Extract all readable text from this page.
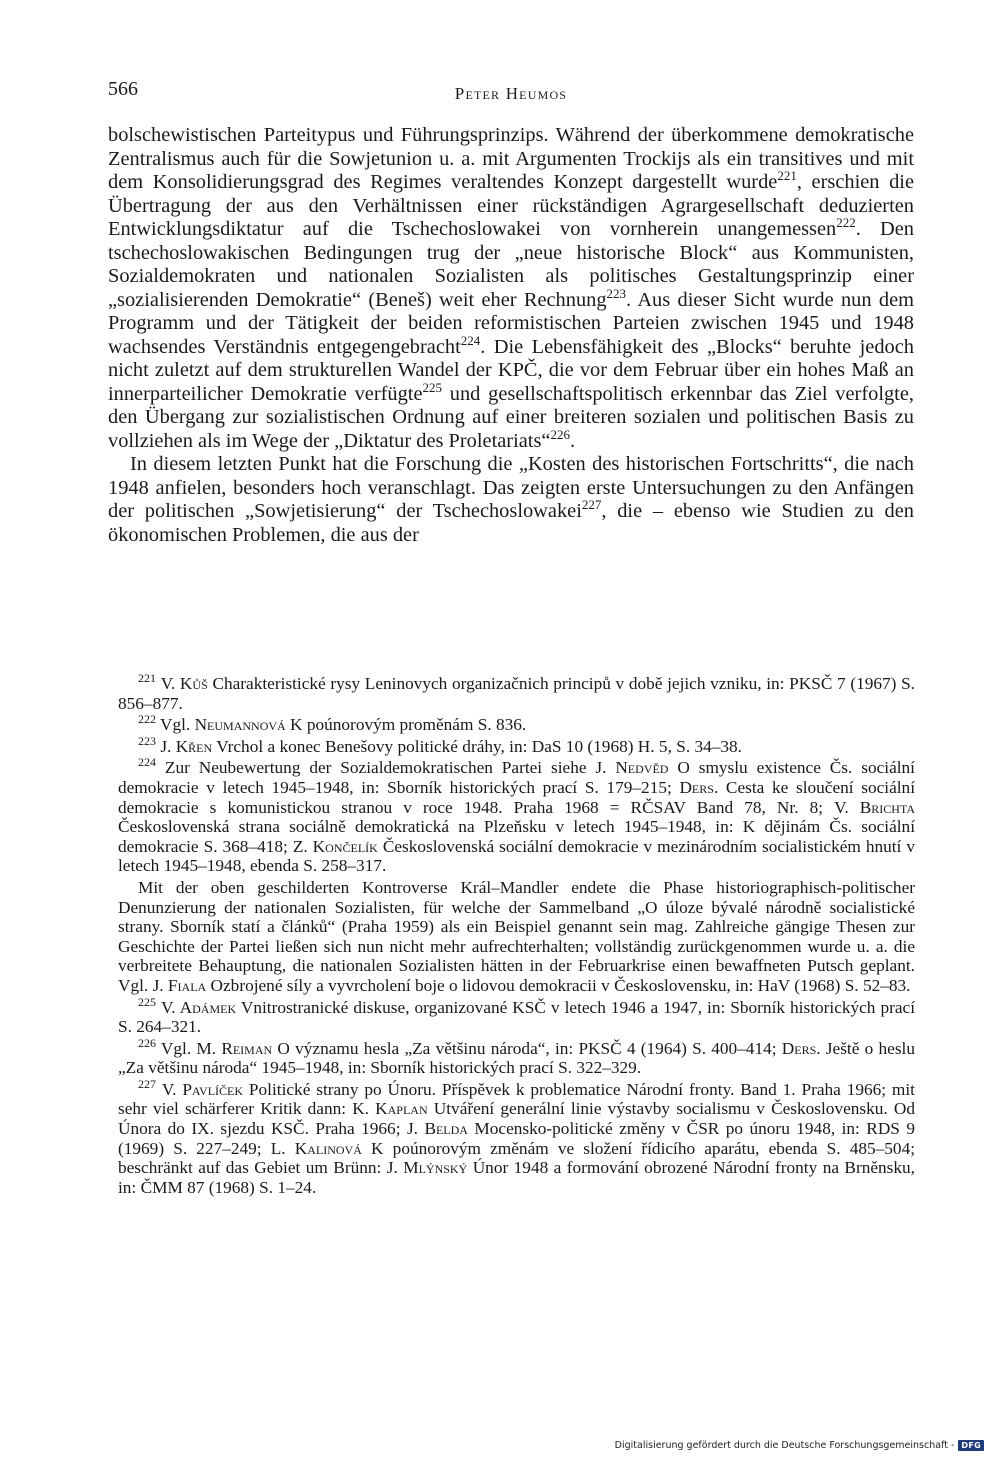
566	Peter Heumos

bolschewistischen Parteitypus und Führungsprinzips. Während der überkommene demokratische Zentralismus auch für die Sowjetunion u. a. mit Argumenten Trockijs als ein transitives und mit dem Konsolidierungsgrad des Regimes veraltendes Konzept dargestellt wurde$^{221}$, erschien die Übertragung der aus den Verhältnissen einer rückständigen Agrargesellschaft deduzierten Entwicklungsdiktatur auf die Tschechoslowakei von vornherein unangemessen$^{222}$. Den tschechoslowakischen Bedingungen trug der „neue historische Block“ aus Kommunisten, Sozialdemokraten und nationalen Sozialisten als politisches Gestaltungsprinzip einer „sozialisierenden Demokratie“ (Beneš) weit eher Rechnung$^{223}$. Aus dieser Sicht wurde nun dem Programm und der Tätigkeit der beiden reformistischen Parteien zwischen 1945 und 1948 wachsendes Verständnis entgegengebracht$^{224}$. Die Lebensfähigkeit des „Blocks“ beruhte jedoch nicht zuletzt auf dem strukturellen Wandel der KPČ, die vor dem Februar über ein hohes Maß an innerparteilicher Demokratie verfügte$^{225}$ und gesellschaftspolitisch erkennbar das Ziel verfolgte, den Übergang zur sozialistischen Ordnung auf einer breiteren sozialen und politischen Basis zu vollziehen als im Wege der „Diktatur des Proletariats“$^{226}$.

In diesem letzten Punkt hat die Forschung die „Kosten des historischen Fortschritts“, die nach 1948 anfielen, besonders hoch veranschlagt. Das zeigten erste Untersuchungen zu den Anfängen der politischen „Sowjetisierung“ der Tschechoslowakei$^{227}$, die – ebenso wie Studien zu den ökonomischen Problemen, die aus der

$^{221}$ V. Kůš Charakteristické rysy Leninovych organizačnich principů v době jejich vzniku, in: PKSČ 7 (1967) S. 856–877.

$^{222}$ Vgl. Neumannová K poúnorovým proměnám S. 836.

$^{223}$ J. Křen Vrchol a konec Benešovy politické dráhy, in: DaS 10 (1968) H. 5, S. 34–38.

$^{224}$ Zur Neubewertung der Sozialdemokratischen Partei siehe J. Nedvěd O smyslu existence Čs. sociální demokracie v letech 1945–1948, in: Sborník historických prací S. 179–215; Ders. Cesta ke sloučení sociální demokracie s komunistickou stranou v roce 1948. Praha 1968 = RČSAV Band 78, Nr. 8; V. Brichta Československá strana sociálně demokratická na Plzeňsku v letech 1945–1948, in: K dějinám Čs. sociální demokracie S. 368–418; Z. Končelík Československá sociální demokracie v mezinárodním socialistickém hnutí v letech 1945–1948, ebenda S. 258–317.

Mit der oben geschilderten Kontroverse Král–Mandler endete die Phase historiographisch-politischer Denunzierung der nationalen Sozialisten, für welche der Sammelband „O úloze bývalé národně socialistické strany. Sborník statí a článků“ (Praha 1959) als ein Beispiel genannt sein mag. Zahlreiche gängige Thesen zur Geschichte der Partei ließen sich nun nicht mehr aufrechterhalten; vollständig zurückgenommen wurde u. a. die verbreitete Behauptung, die nationalen Sozialisten hätten in der Februarkrise einen bewaffneten Putsch geplant. Vgl. J. Fiala Ozbrojené síly a vyvrcholení boje o lidovou demokracii v Československu, in: HaV (1968) S. 52–83.

$^{225}$ V. Adámek Vnitrostranické diskuse, organizované KSČ v letech 1946 a 1947, in: Sborník historických prací S. 264–321.

$^{226}$ Vgl. M. Reiman O významu hesla „Za většinu národa“, in: PKSČ 4 (1964) S. 400–414; Ders. Ještě o heslu „Za většinu národa“ 1945–1948, in: Sborník historických prací S. 322–329.

$^{227}$ V. Pavlíček Politické strany po Únoru. Příspěvek k problematice Národní fronty. Band 1. Praha 1966; mit sehr viel schärferer Kritik dann: K. Kaplan Utváření generální linie výstavby socialismu v Československu. Od Února do IX. sjezdu KSČ. Praha 1966; J. Belda Mocensko-politické změny v ČSR po únoru 1948, in: RDS 9 (1969) S. 227–249; L. Kalinová K poúnorovým změnám ve složení řídicího aparátu, ebenda S. 485–504; beschränkt auf das Gebiet um Brünn: J. Mlýnský Únor 1948 a formování obrozené Národní fronty na Brněnsku, in: ČMM 87 (1968) S. 1–24.

Digitalisierung gefördert durch die Deutsche Forschungsgemeinschaft - DFG
